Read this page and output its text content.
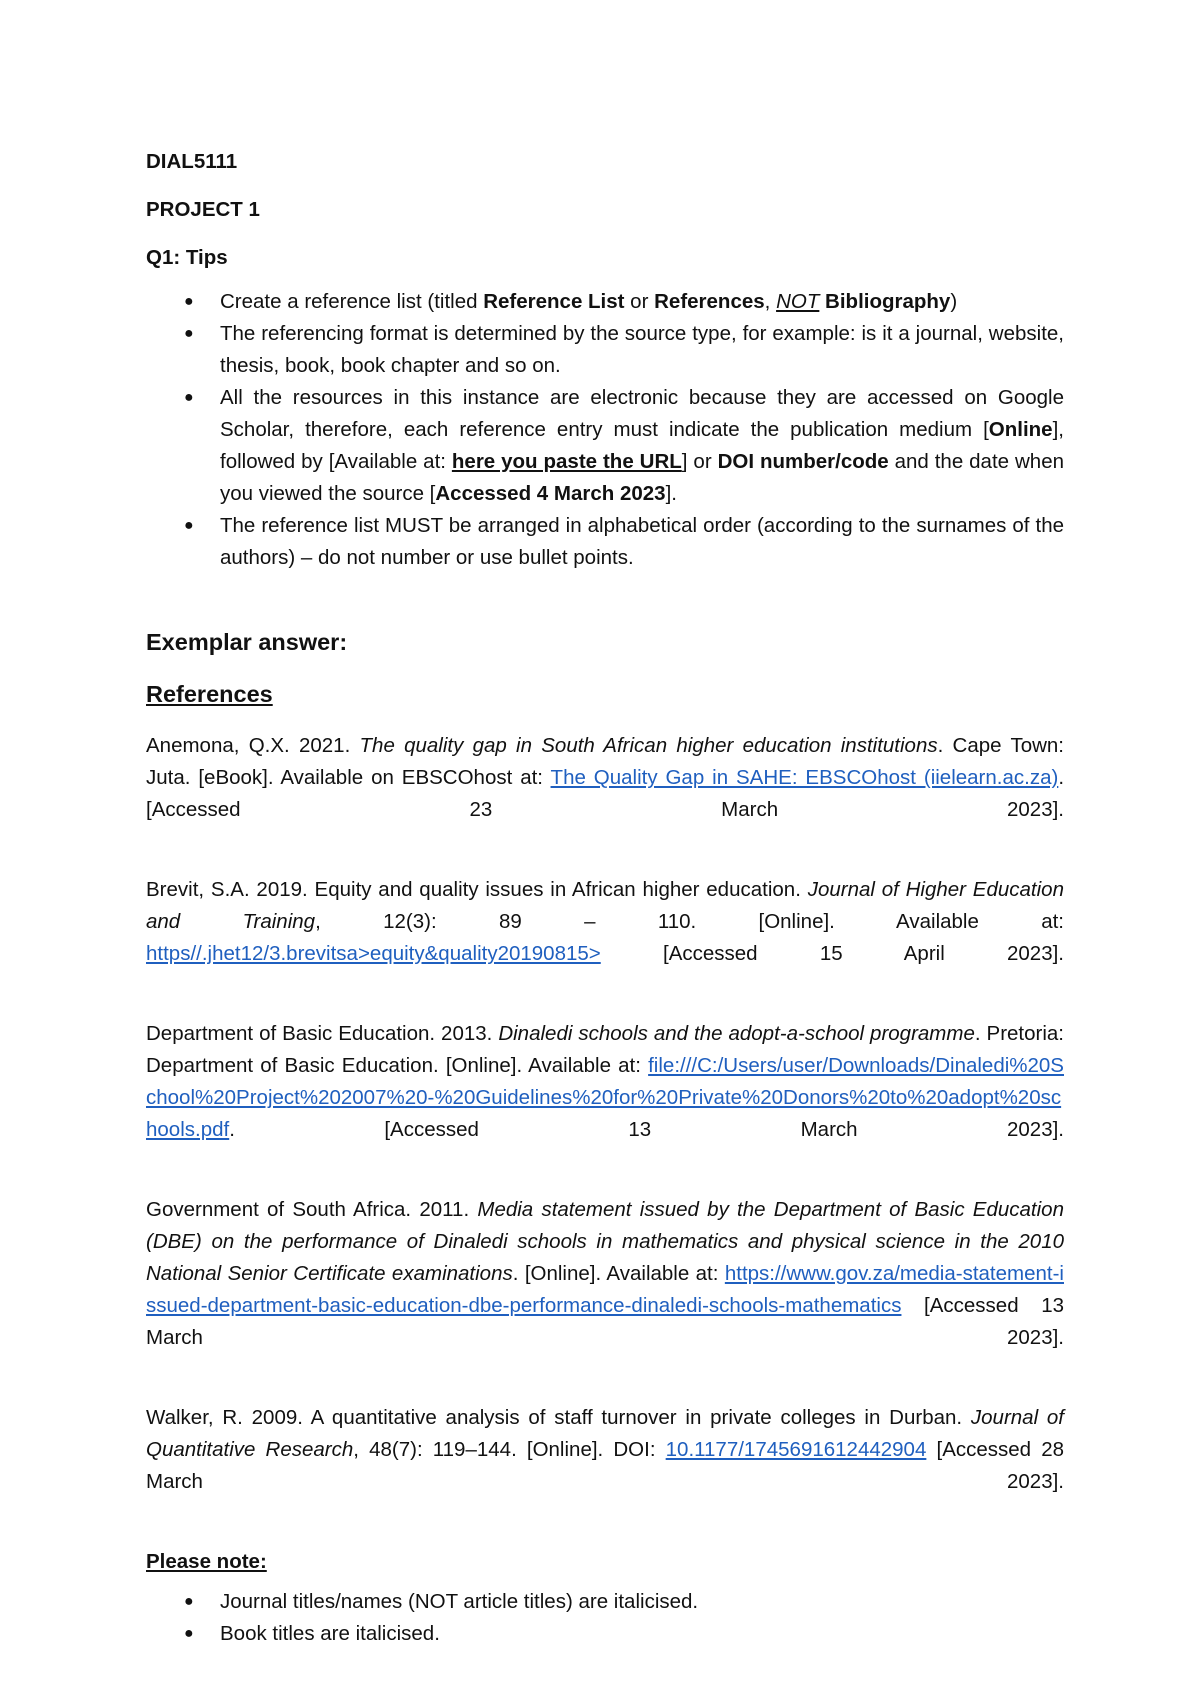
DIAL5111
PROJECT 1
Q1: Tips
● Create a reference list (titled Reference List or References, NOT Bibliography)
● The referencing format is determined by the source type, for example: is it a journal, website, thesis, book, book chapter and so on.
● All the resources in this instance are electronic because they are accessed on Google Scholar, therefore, each reference entry must indicate the publication medium [Online], followed by [Available at: here you paste the URL] or DOI number/code and the date when you viewed the source [Accessed 4 March 2023].
● The reference list MUST be arranged in alphabetical order (according to the surnames of the authors) – do not number or use bullet points.
Exemplar answer:
References

Anemona, Q.X. 2021. The quality gap in South African higher education institutions. Cape Town: Juta. [eBook]. Available on EBSCOhost at: The Quality Gap in SAHE: EBSCOhost (iielearn.ac.za). [Accessed 23 March 2023].

Brevit, S.A. 2019. Equity and quality issues in African higher education. Journal of Higher Education and Training, 12(3): 89 – 110. [Online]. Available at: https//.jhet12/3.brevitsa>equity&quality20190815> [Accessed 15 April 2023].

Department of Basic Education. 2013. Dinaledi schools and the adopt-a-school programme. Pretoria: Department of Basic Education. [Online]. Available at: file:///C:/Users/user/Downloads/Dinaledi%20School%20Project%202007%20-%20Guidelines%20for%20Private%20Donors%20to%20adopt%20schools.pdf. [Accessed 13 March 2023].

Government of South Africa. 2011. Media statement issued by the Department of Basic Education (DBE) on the performance of Dinaledi schools in mathematics and physical science in the 2010 National Senior Certificate examinations. [Online]. Available at: https://www.gov.za/media-statement-issued-department-basic-education-dbe-performance-dinaledi-schools-mathematics [Accessed 13 March 2023].

Walker, R. 2009. A quantitative analysis of staff turnover in private colleges in Durban. Journal of Quantitative Research, 48(7): 119–144. [Online]. DOI: 10.1177/1745691612442904 [Accessed 28 March 2023].

Please note:
● Journal titles/names (NOT article titles) are italicised.
● Book titles are italicised.
